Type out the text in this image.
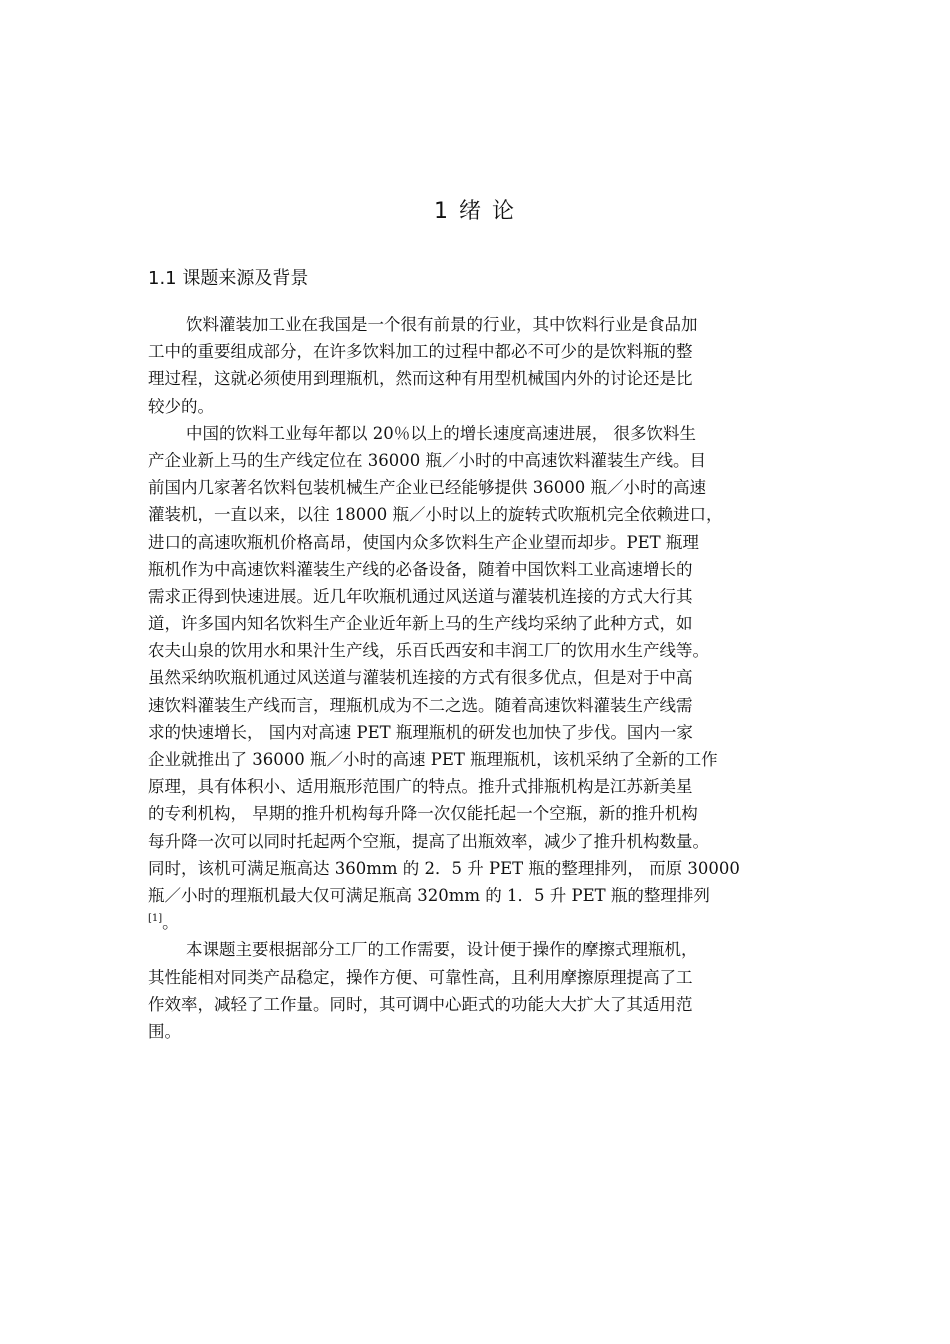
1 绪 论
1.1 课题来源及背景
饮料灌装加工业在我国是一个很有前景的行业，其中饮料行业是食品加
工中的重要组成部分，在许多饮料加工的过程中都必不可少的是饮料瓶的整
理过程，这就必须使用到理瓶机，然而这种有用型机械国内外的讨论还是比
较少的。
中国的饮料工业每年都以 20％以上的增长速度高速进展， 很多饮料生
产企业新上马的生产线定位在 36000 瓶／小时的中高速饮料灌装生产线。目
前国内几家著名饮料包装机械生产企业已经能够提供 36000 瓶／小时的高速
灌装机，一直以来，以往 18000 瓶／小时以上的旋转式吹瓶机完全依赖进口，
进口的高速吹瓶机价格高昂，使国内众多饮料生产企业望而却步。PET 瓶理
瓶机作为中高速饮料灌装生产线的必备设备，随着中国饮料工业高速增长的
需求正得到快速进展。近几年吹瓶机通过风送道与灌装机连接的方式大行其
道，许多国内知名饮料生产企业近年新上马的生产线均采纳了此种方式，如
农夫山泉的饮用水和果汁生产线，乐百氏西安和丰润工厂的饮用水生产线等。
虽然采纳吹瓶机通过风送道与灌装机连接的方式有很多优点，但是对于中高
速饮料灌装生产线而言，理瓶机成为不二之选。随着高速饮料灌装生产线需
求的快速增长， 国内对高速 PET 瓶理瓶机的研发也加快了步伐。国内一家
企业就推出了 36000 瓶／小时的高速 PET 瓶理瓶机，该机采纳了全新的工作
原理，具有体积小、适用瓶形范围广的特点。推升式排瓶机构是江苏新美星
的专利机构， 早期的推升机构每升降一次仅能托起一个空瓶，新的推升机构
每升降一次可以同时托起两个空瓶，提高了出瓶效率，减少了推升机构数量。
同时，该机可满足瓶高达 360mm 的 2．5 升 PET 瓶的整理排列， 而原 30000
瓶／小时的理瓶机最大仅可满足瓶高 320mm 的 1．5 升 PET 瓶的整理排列
[1]。
本课题主要根据部分工厂的工作需要，设计便于操作的摩擦式理瓶机，
其性能相对同类产品稳定，操作方便、可靠性高，且利用摩擦原理提高了工
作效率，减轻了工作量。同时，其可调中心距式的功能大大扩大了其适用范
围。
